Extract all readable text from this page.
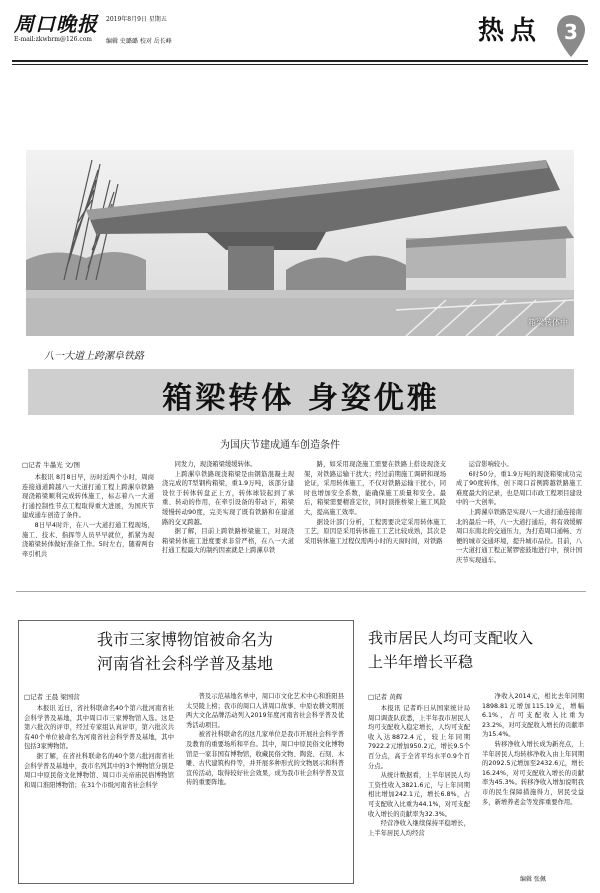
周口晚报 2019年8月9日 星期五
E-mail:zkwbrm@126.com 编辑 史璐璐 校对 岳长峰	热点	3
箱梁转体中
八一大道上跨漯阜铁路
箱梁转体 身姿优雅
为国庆节建成通车创造条件
□记者 牛墨光 文/图

本报讯 8月8日早，历时近两个小时，周商连接通道跨越八一大道打通工程上跨漯阜铁路现浇箱梁顺利完成转体施工，标志着八一大道打通控制性节点工程取得重大进展，为国庆节建成通车创造了条件。

8日早4时许，在八一大道打通工程现场，施工、技术、指挥等人员早早就位，抓紧为现浇箱梁转体做好准备工作。5时左右，随着两台牵引机共

同发力，现浇箱梁缓缓转体。

上跨漯阜铁路现浇箱梁是由钢筋混凝土现浇完成的T型钢构箱梁，重1.9万吨，该部分建设位于转体转盘正上方，转体球铰起到了承重、转动的作用，在牵引设备的带动下，箱梁缓慢转动90度，完美实现了既有铁路和在建道路的交叉跨越。

据了解，目前上跨铁路桥梁施工，对现浇箱梁转体施工进度要求非常严格，在八一大道打通工程最大的制约因素就是上跨漯阜铁

路，如采用现浇施工需要在铁路上搭设现浇支架，对铁路运输干扰大；经过前期施工调研和现场论证，采用转体施工，不仅对铁路运输干扰小，同时也增加安全系数，能确保施工质量和安全。最后，箱梁需要精准定位，同时顶推桥梁上施工风险大，提高施工效率。

据设计部门分析，工程需要决定采用转体施工工艺，原因是采用转体施工工艺比较成熟，其次是采用转体施工过程仅需两小时的天窗时间，对铁路

运营影响较小。

6时50分，重1.9万吨的现浇箱梁成功完成了90度转体，创下周口首例跨越铁路施工难度最大的记录，也是周口市政工程项目建设中的一大创举。

上跨漯阜铁路是实现八一大道打通连接南北的最后一环，八一大道打通后，将有效缓解周口东南北的交通压力，为打造周口通畅、方便的城市交通环境，提升城市品位。目前，八一大道打通工程正紧锣密鼓地进行中，预计国庆节实现通车。

我市三家博物馆被命名为
河南省社会科学普及基地
□记者 王晨 梁国营

本报讯 近日，省社科联命名40个第六批河南省社会科学普及基地，其中周口市三家博物馆入选。这是第六批次的评审，经过专家组认真评审，第六批次共有40个单位被命名为河南省社会科学普及基地，其中包括3家博物馆。

据了解，在省社科联命名的40个第六批河南省社会科学普及基地中，我市名列其中的3个博物馆分别是周口中原民俗文化博物馆、周口市关帝庙民俗博物馆和周口淮阳博物馆；在31个市级河南省社会科学

普及示范基地名单中，周口市文化艺术中心和淮阳县太昊陵上榜；我市的周口人讲周口故事、中原农耕文明展两大文化品牌活动列入2019年度河南省社会科学普及优秀活动项目。

被省社科联命名的这几家单位是我市开展社会科学普及教育的重要场所和平台。其中，周口中原民俗文化博物馆是一家非国有博物馆，收藏民俗文物、陶瓷、石刻、木雕、古代建筑构件等，并开展多种形式的文物展示和科普宣传活动，取得较好社会效果，成为我市社会科学普及宣传的重要阵地。

我市居民人均可支配收入
上半年增长平稳
□记者 黄辉

本报讯 记者昨日从国家统计局周口调查队获悉，上半年我市居民人均可支配收入稳定增长，人均可支配收入达8872.4元，较上年同期7922.2元增加950.2元，增长9.5个百分点，高于全省平均水平0.9个百分点。

从统计数据看，上半年居民人均工资性收入3821.6元，与上年同期相比增加242.1元，增长6.8%，占可支配收入比重为44.1%，对可支配收入增长的贡献率为32.3%。

经营净收入继续保持平稳增长，上半年居民人均经营

净收入2014元，相比去年同期1898.81元增加115.19元，增幅6.1%，占可支配收入比重为23.2%，对可支配收入增长的贡献率为15.4%。

转移净收入增长成为新亮点，上半年居民人均转移净收入由上年同期的2092.5元增加至2432.6元，增长16.24%，对可支配收入增长的贡献率为45.3%。转移净收入增加说明我市的民生保障措施得力，居民受益多，新增养老金等发挥重要作用。

编辑 张佩
